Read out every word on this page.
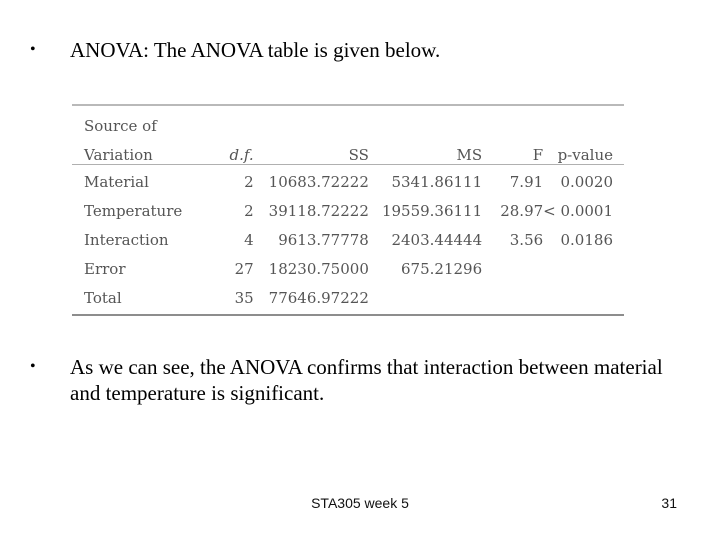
• ANOVA: The ANOVA table is given below.
Source of					
Variation	d.f.	SS	MS	F	p-value
Material	2	10683.72222	5341.86111	7.91	0.0020
Temperature	2	39118.72222	19559.36111	28.97	< 0.0001
Interaction	4	9613.77778	2403.44444	3.56	0.0186
Error	27	18230.75000	675.21296		
Total	35	77646.97222			
• As we can see, the ANOVA confirms that interaction between material and temperature is significant.
STA305 week 5	31
